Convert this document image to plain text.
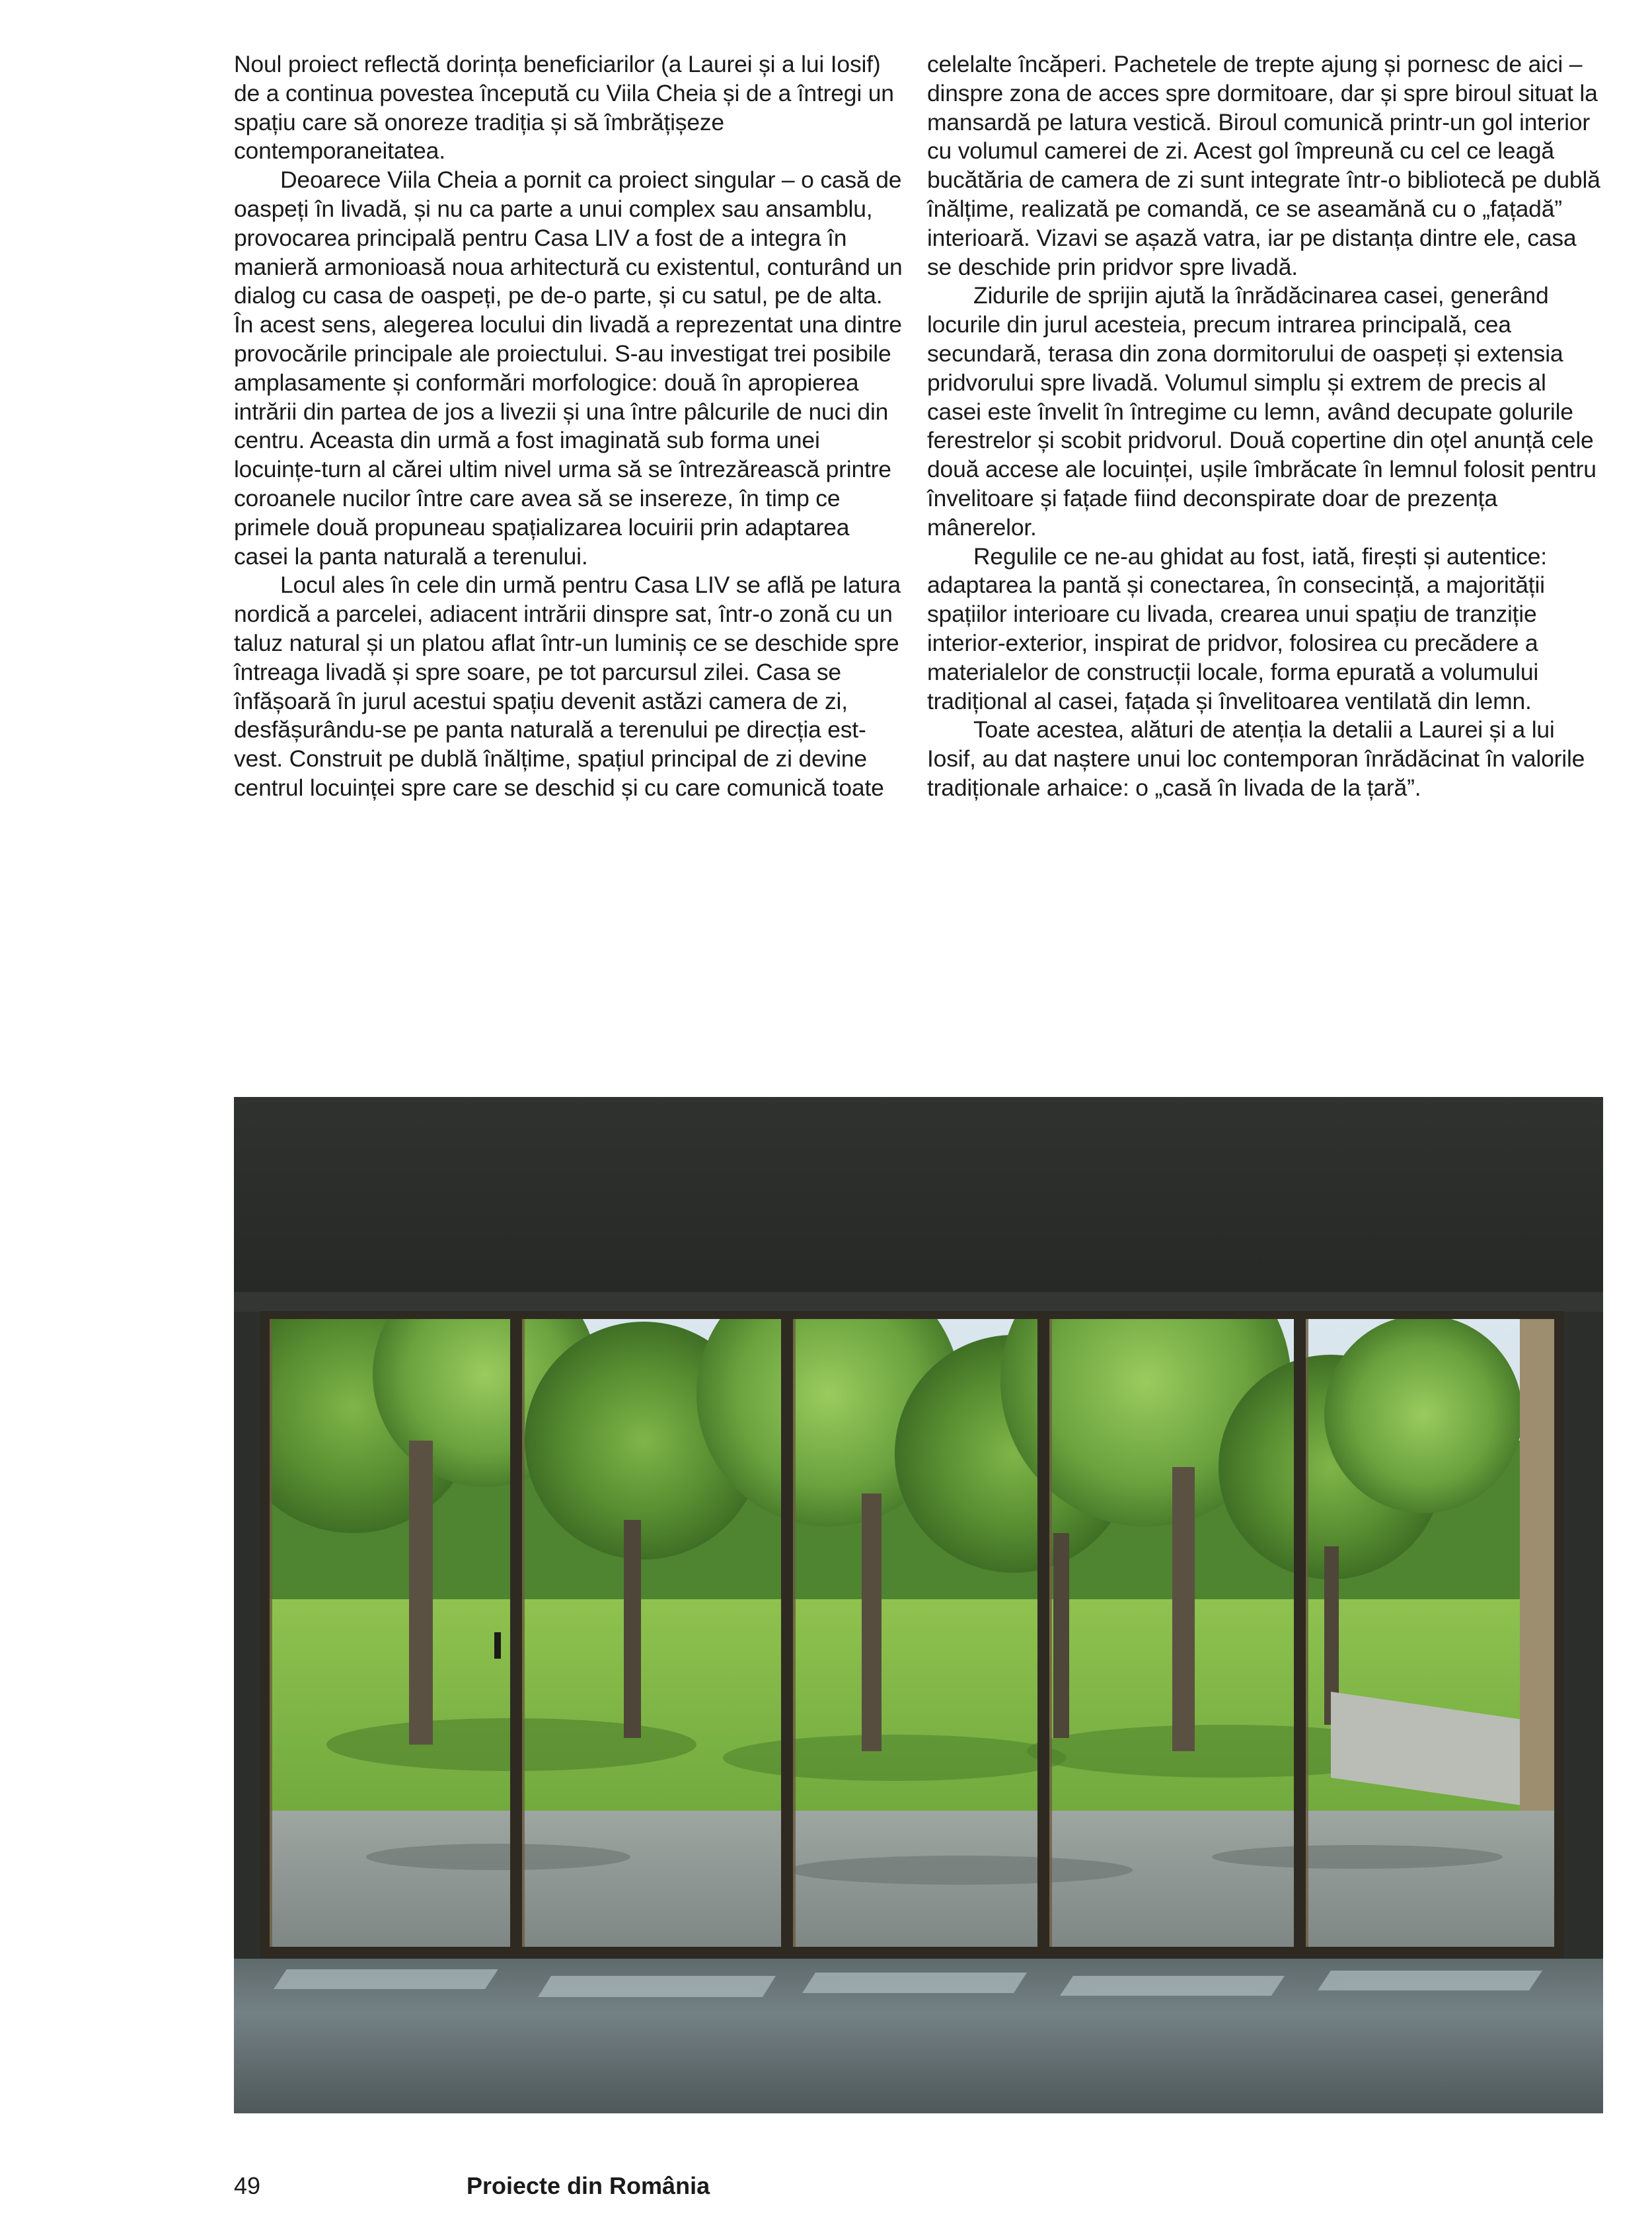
Noul proiect reflectă dorința beneficiarilor (a Laurei și a lui Iosif) de a continua povestea începută cu Viila Cheia și de a întregi un spațiu care să onoreze tradiția și să îmbrățișeze contemporaneitatea.

Deoarece Viila Cheia a pornit ca proiect singular – o casă de oaspeți în livadă, și nu ca parte a unui complex sau ansamblu, provocarea principală pentru Casa LIV a fost de a integra în manieră armonioasă noua arhitectură cu existentul, conturând un dialog cu casa de oaspeți, pe de-o parte, și cu satul, pe de alta. În acest sens, alegerea locului din livadă a reprezentat una dintre provocările principale ale proiectului. S-au investigat trei posibile amplasamente și conformări morfologice: două în apropierea intrării din partea de jos a livezii și una între pâlcurile de nuci din centru. Aceasta din urmă a fost imaginată sub forma unei locuințe-turn al cărei ultim nivel urma să se întrezărească printre coroanele nucilor între care avea să se insereze, în timp ce primele două propuneau spațializarea locuirii prin adaptarea casei la panta naturală a terenului.

Locul ales în cele din urmă pentru Casa LIV se află pe latura nordică a parcelei, adiacent intrării dinspre sat, într-o zonă cu un taluz natural și un platou aflat într-un luminiș ce se deschide spre întreaga livadă și spre soare, pe tot parcursul zilei. Casa se înfășoară în jurul acestui spațiu devenit astăzi camera de zi, desfășurându-se pe panta naturală a terenului pe direcția est-vest. Construit pe dublă înălțime, spațiul principal de zi devine centrul locuinței spre care se deschid și cu care comunică toate

celelalte încăperi. Pachetele de trepte ajung și pornesc de aici – dinspre zona de acces spre dormitoare, dar și spre biroul situat la mansardă pe latura vestică. Biroul comunică printr-un gol interior cu volumul camerei de zi. Acest gol împreună cu cel ce leagă bucătăria de camera de zi sunt integrate într-o bibliotecă pe dublă înălțime, realizată pe comandă, ce se aseamănă cu o „fațadă” interioară. Vizavi se așază vatra, iar pe distanța dintre ele, casa se deschide prin pridvor spre livadă.

Zidurile de sprijin ajută la înrădăcinarea casei, generând locurile din jurul acesteia, precum intrarea principală, cea secundară, terasa din zona dormitorului de oaspeți și extensia pridvorului spre livadă. Volumul simplu și extrem de precis al casei este învelit în întregime cu lemn, având decupate golurile ferestrelor și scobit pridvorul. Două copertine din oțel anunță cele două accese ale locuinței, ușile îmbrăcate în lemnul folosit pentru învelitoare și fațade fiind deconspirate doar de prezența mânerelor.

Regulile ce ne-au ghidat au fost, iată, firești și autentice: adaptarea la pantă și conectarea, în consecință, a majorității spațiilor interioare cu livada, crearea unui spațiu de tranziție interior-exterior, inspirat de pridvor, folosirea cu precădere a materialelor de construcții locale, forma epurată a volumului tradițional al casei, fațada și învelitoarea ventilată din lemn.

Toate acestea, alături de atenția la detalii a Laurei și a lui Iosif, au dat naștere unui loc contemporan înrădăcinat în valorile tradiționale arhaice: o „casă în livada de la țară”.

49	Proiecte din România
